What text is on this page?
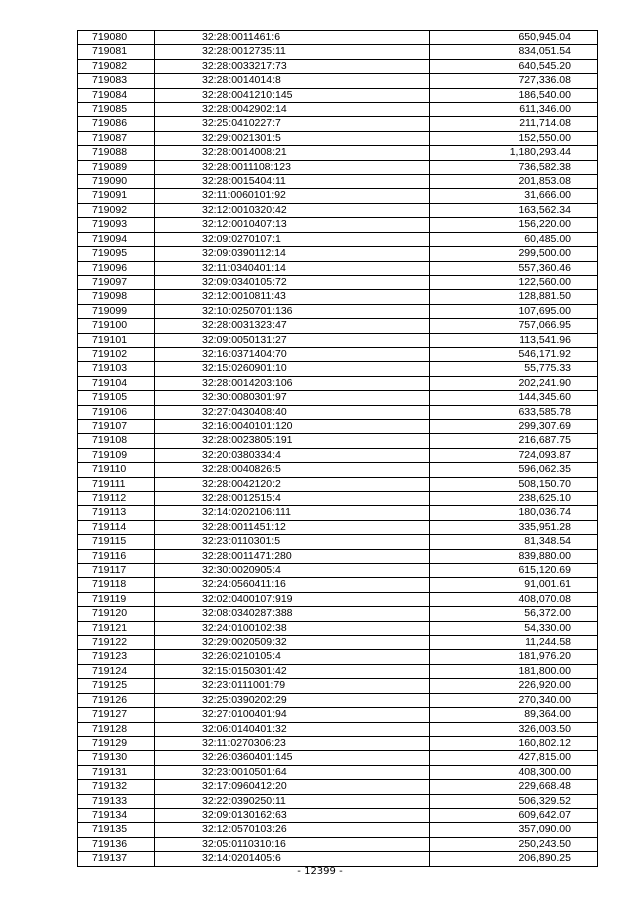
719080	32:28:0011461:6	650,945.04
719081	32:28:0012735:11	834,051.54
719082	32:28:0033217:73	640,545.20
719083	32:28:0014014:8	727,336.08
719084	32:28:0041210:145	186,540.00
719085	32:28:0042902:14	611,346.00
719086	32:25:0410227:7	211,714.08
719087	32:29:0021301:5	152,550.00
719088	32:28:0014008:21	1,180,293.44
719089	32:28:0011108:123	736,582.38
719090	32:28:0015404:11	201,853.08
719091	32:11:0060101:92	31,666.00
719092	32:12:0010320:42	163,562.34
719093	32:12:0010407:13	156,220.00
719094	32:09:0270107:1	60,485.00
719095	32:09:0390112:14	299,500.00
719096	32:11:0340401:14	557,360.46
719097	32:09:0340105:72	122,560.00
719098	32:12:0010811:43	128,881.50
719099	32:10:0250701:136	107,695.00
719100	32:28:0031323:47	757,066.95
719101	32:09:0050131:27	113,541.96
719102	32:16:0371404:70	546,171.92
719103	32:15:0260901:10	55,775.33
719104	32:28:0014203:106	202,241.90
719105	32:30:0080301:97	144,345.60
719106	32:27:0430408:40	633,585.78
719107	32:16:0040101:120	299,307.69
719108	32:28:0023805:191	216,687.75
719109	32:20:0380334:4	724,093.87
719110	32:28:0040826:5	596,062.35
719111	32:28:0042120:2	508,150.70
719112	32:28:0012515:4	238,625.10
719113	32:14:0202106:111	180,036.74
719114	32:28:0011451:12	335,951.28
719115	32:23:0110301:5	81,348.54
719116	32:28:0011471:280	839,880.00
719117	32:30:0020905:4	615,120.69
719118	32:24:0560411:16	91,001.61
719119	32:02:0400107:919	408,070.08
719120	32:08:0340287:388	56,372.00
719121	32:24:0100102:38	54,330.00
719122	32:29:0020509:32	11,244.58
719123	32:26:0210105:4	181,976.20
719124	32:15:0150301:42	181,800.00
719125	32:23:0111001:79	226,920.00
719126	32:25:0390202:29	270,340.00
719127	32:27:0100401:94	89,364.00
719128	32:06:0140401:32	326,003.50
719129	32:11:0270306:23	160,802.12
719130	32:26:0360401:145	427,815.00
719131	32:23:0010501:64	408,300.00
719132	32:17:0960412:20	229,668.48
719133	32:22:0390250:11	506,329.52
719134	32:09:0130162:63	609,642.07
719135	32:12:0570103:26	357,090.00
719136	32:05:0110310:16	250,243.50
719137	32:14:0201405:6	206,890.25
- 12399 -
